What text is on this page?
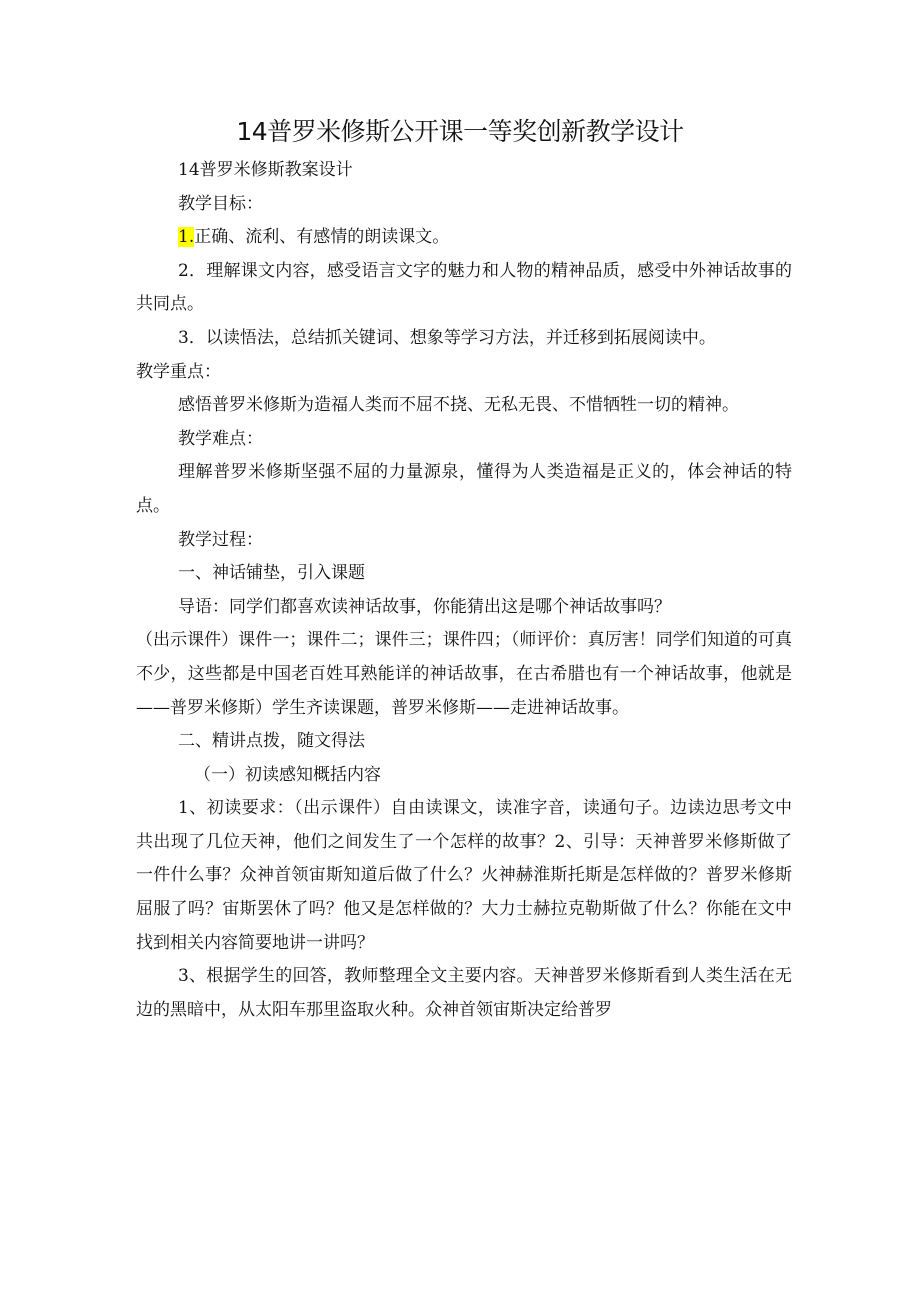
14普罗米修斯公开课一等奖创新教学设计

14普罗米修斯教案设计

教学目标：

1.正确、流利、有感情的朗读课文。

2．理解课文内容，感受语言文字的魅力和人物的精神品质，感受中外神话故事的共同点。

3．以读悟法，总结抓关键词、想象等学习方法，并迁移到拓展阅读中。

教学重点：

感悟普罗米修斯为造福人类而不屈不挠、无私无畏、不惜牺牲一切的精神。

教学难点：

理解普罗米修斯坚强不屈的力量源泉，懂得为人类造福是正义的，体会神话的特点。

教学过程：

一、神话铺垫，引入课题

导语：同学们都喜欢读神话故事，你能猜出这是哪个神话故事吗？

（出示课件）课件一；课件二；课件三；课件四；（师评价：真厉害！同学们知道的可真不少，这些都是中国老百姓耳熟能详的神话故事，在古希腊也有一个神话故事，他就是——普罗米修斯）学生齐读课题，普罗米修斯——走进神话故事。

二、精讲点拨，随文得法

（一）初读感知概括内容

1、初读要求：（出示课件）自由读课文，读准字音，读通句子。边读边思考文中共出现了几位天神，他们之间发生了一个怎样的故事？2、引导：天神普罗米修斯做了一件什么事？众神首领宙斯知道后做了什么？火神赫淮斯托斯是怎样做的？普罗米修斯屈服了吗？宙斯罢休了吗？他又是怎样做的？大力士赫拉克勒斯做了什么？你能在文中找到相关内容简要地讲一讲吗？

3、根据学生的回答，教师整理全文主要内容。天神普罗米修斯看到人类生活在无边的黑暗中，从太阳车那里盗取火种。众神首领宙斯决定给普罗
